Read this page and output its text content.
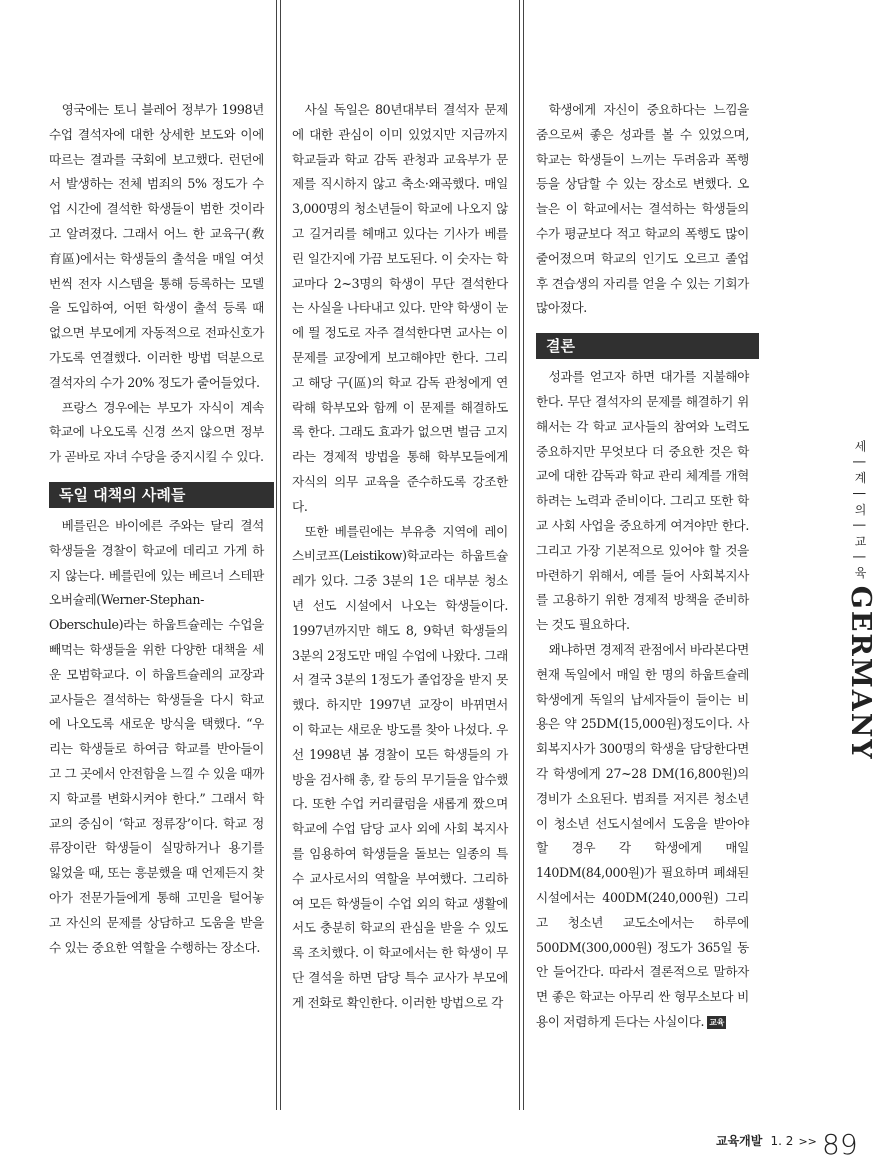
영국에는 토니 블레어 정부가 1998년 수업 결석자에 대한 상세한 보도와 이에 따르는 결과를 국회에 보고했다. 런던에서 발생하는 전체 범죄의 5% 정도가 수업 시간에 결석한 학생들이 범한 것이라고 알려졌다. 그래서 어느 한 교육구(敎育區)에서는 학생들의 출석을 매일 여섯 번씩 전자 시스템을 통해 등록하는 모델을 도입하여, 어떤 학생이 출석 등록 때 없으면 부모에게 자동적으로 전파신호가 가도록 연결했다. 이러한 방법 덕분으로 결석자의 수가 20% 정도가 줄어들었다.

프랑스 경우에는 부모가 자식이 계속 학교에 나오도록 신경 쓰지 않으면 정부가 곧바로 자녀 수당을 중지시킬 수 있다.

독일 대책의 사례들

베를린은 바이에른 주와는 달리 결석 학생들을 경찰이 학교에 데리고 가게 하지 않는다. 베를린에 있는 베르너 스테판 오버슐레(Werner-Stephan-Oberschule)라는 하웁트슐레는 수업을 빼먹는 학생들을 위한 다양한 대책을 세운 모범학교다. 이 하웁트슐레의 교장과 교사들은 결석하는 학생들을 다시 학교에 나오도록 새로운 방식을 택했다. “우리는 학생들로 하여금 학교를 반아들이고 그 곳에서 안전함을 느낄 수 있을 때까지 학교를 변화시켜야 한다.” 그래서 학교의 중심이 ‘학교 정류장’이다. 학교 정류장이란 학생들이 실망하거나 용기를 잃었을 때, 또는 흥분했을 때 언제든지 찾아가 전문가들에게 통해 고민을 털어놓고 자신의 문제를 상담하고 도움을 받을 수 있는 중요한 역할을 수행하는 장소다.

사실 독일은 80년대부터 결석자 문제에 대한 관심이 이미 있었지만 지금까지 학교들과 학교 감독 관청과 교육부가 문제를 직시하지 않고 축소·왜곡했다. 매일 3,000명의 청소년들이 학교에 나오지 않고 길거리를 헤매고 있다는 기사가 베를린 일간지에 가끔 보도된다. 이 숫자는 학교마다 2~3명의 학생이 무단 결석한다는 사실을 나타내고 있다. 만약 학생이 눈에 띌 정도로 자주 결석한다면 교사는 이 문제를 교장에게 보고해야만 한다. 그리고 해당 구(區)의 학교 감독 관청에게 연락해 학부모와 함께 이 문제를 해결하도록 한다. 그래도 효과가 없으면 벌금 고지라는 경제적 방법을 통해 학부모들에게 자식의 의무 교육을 준수하도록 강조한다.

또한 베를린에는 부유층 지역에 레이스비코프(Leistikow)학교라는 하웁트슐레가 있다. 그중 3분의 1은 대부분 청소년 선도 시설에서 나오는 학생들이다. 1997년까지만 해도 8, 9학년 학생들의 3분의 2정도만 매일 수업에 나왔다. 그래서 결국 3분의 1정도가 졸업장을 받지 못했다. 하지만 1997년 교장이 바뀌면서 이 학교는 새로운 방도를 찾아 나섰다. 우선 1998년 봄 경찰이 모든 학생들의 가방을 검사해 총, 칼 등의 무기들을 압수했다. 또한 수업 커리큘럼을 새롭게 짰으며 학교에 수업 담당 교사 외에 사회 복지사를 임용하여 학생들을 돌보는 일종의 특수 교사로서의 역할을 부여했다. 그리하여 모든 학생들이 수업 외의 학교 생활에서도 충분히 학교의 관심을 받을 수 있도록 조치했다. 이 학교에서는 한 학생이 무단 결석을 하면 담당 특수 교사가 부모에게 전화로 확인한다. 이러한 방법으로 각

학생에게 자신이 중요하다는 느낌을 줌으로써 좋은 성과를 볼 수 있었으며, 학교는 학생들이 느끼는 두려움과 폭행 등을 상담할 수 있는 장소로 변했다. 오늘은 이 학교에서는 결석하는 학생들의 수가 평균보다 적고 학교의 폭행도 많이 줄어졌으며 학교의 인기도 오르고 졸업 후 견습생의 자리를 얻을 수 있는 기회가 많아졌다.

결론

성과를 얻고자 하면 대가를 지불해야 한다. 무단 결석자의 문제를 해결하기 위해서는 각 학교 교사들의 참여와 노력도 중요하지만 무엇보다 더 중요한 것은 학교에 대한 감독과 학교 관리 체계를 개혁하려는 노력과 준비이다. 그리고 또한 학교 사회 사업을 중요하게 여겨야만 한다. 그리고 가장 기본적으로 있어야 할 것을 마련하기 위해서, 예를 들어 사회복지사를 고용하기 위한 경제적 방책을 준비하는 것도 필요하다.

왜냐하면 경제적 관점에서 바라본다면 현재 독일에서 매일 한 명의 하웁트슐레 학생에게 독일의 납세자들이 들이는 비용은 약 25DM(15,000원)정도이다. 사회복지사가 300명의 학생을 담당한다면 각 학생에게 27~28 DM(16,800원)의 경비가 소요된다. 범죄를 저지른 청소년이 청소년 선도시설에서 도움을 받아야 할 경우 각 학생에게 매일 140DM(84,000원)가 필요하며 폐쇄된 시설에서는 400DM(240,000원) 그리고 청소년 교도소에서는 하루에 500DM(300,000원) 정도가 365일 동안 들어간다. 따라서 결론적으로 말하자면 좋은 학교는 아무리 싼 형무소보다 비용이 저렴하게 든다는 사실이다. 교육

세 | 계 | 의 | 교 | 육 GERMANY
$^{교육개발}$ $^{1. 2}$ >> 89
